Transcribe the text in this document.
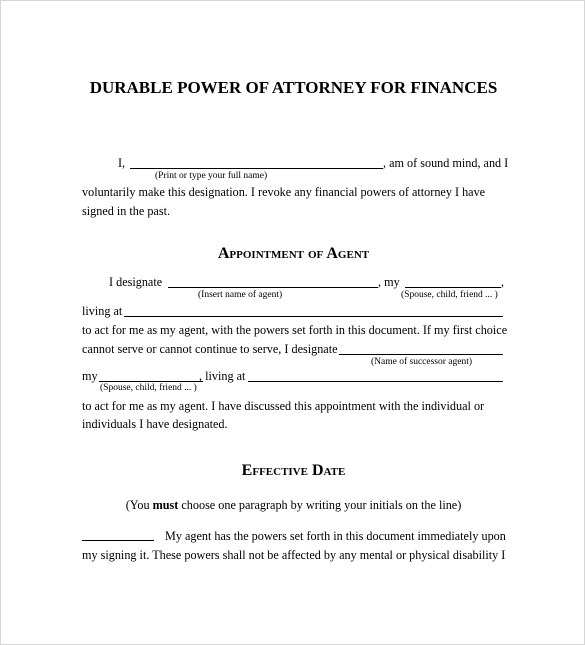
DURABLE POWER OF ATTORNEY FOR FINANCES
I,	, am of sound mind, and I
(Print or type your full name)
voluntarily make this designation. I revoke any financial powers of attorney I have
signed in the past.
Appointment of Agent
I designate	, my	,
(Insert name of agent)	(Spouse, child, friend ... )
living at
to act for me as my agent, with the powers set forth in this document. If my first choice
cannot serve or cannot continue to serve, I designate
(Name of successor agent)
my	, living at
(Spouse, child, friend ... )
to act for me as my agent. I have discussed this appointment with the individual or
individuals I have designated.
Effective Date
(You must choose one paragraph by writing your initials on the line)
My agent has the powers set forth in this document immediately upon
my signing it. These powers shall not be affected by any mental or physical disability I
